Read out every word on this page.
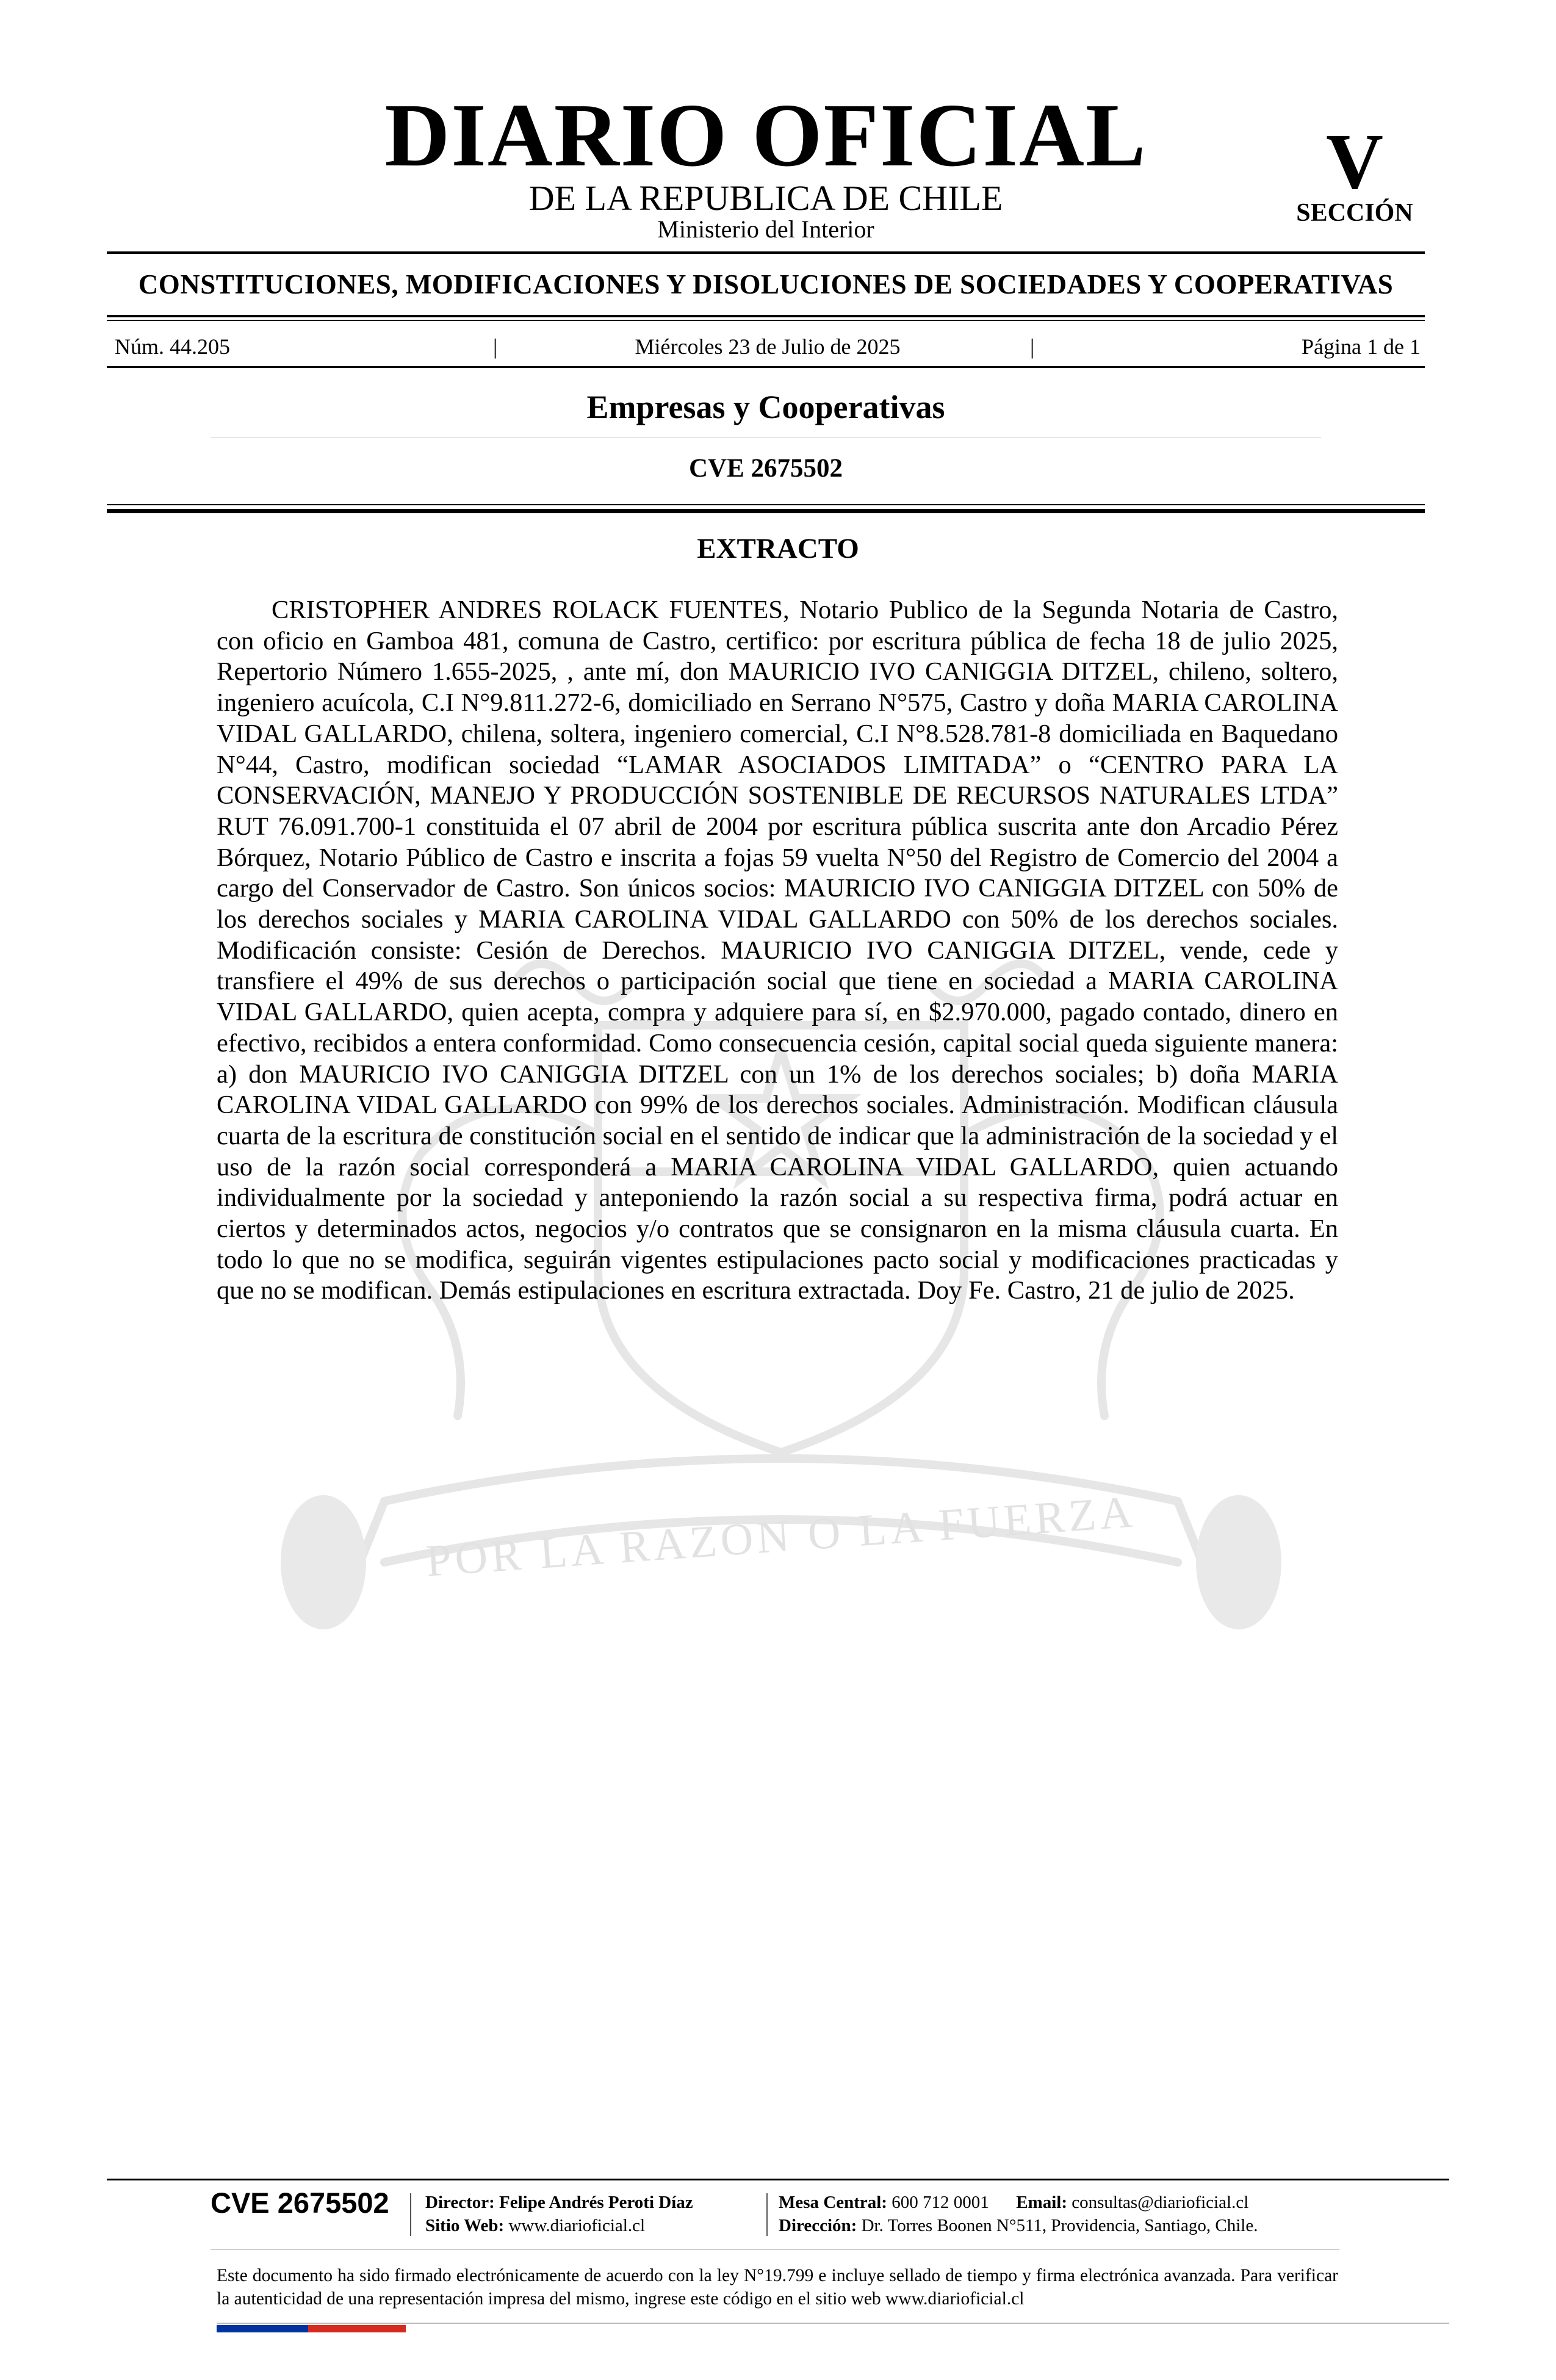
DIARIO OFICIAL
DE LA REPUBLICA DE CHILE
Ministerio del Interior
V
SECCIÓN
CONSTITUCIONES, MODIFICACIONES Y DISOLUCIONES DE SOCIEDADES Y COOPERATIVAS
Núm. 44.205	|	Miércoles 23 de Julio de 2025	|	Página 1 de 1
Empresas y Cooperativas
CVE 2675502
POR LA RAZON O LA FUERZA
EXTRACTO

CRISTOPHER ANDRES ROLACK FUENTES, Notario Publico de la Segunda Notaria de Castro, con oficio en Gamboa 481, comuna de Castro, certifico: por escritura pública de fecha 18 de julio 2025, Repertorio Número 1.655-2025, , ante mí, don MAURICIO IVO CANIGGIA DITZEL, chileno, soltero, ingeniero acuícola, C.I N°9.811.272-6, domiciliado en Serrano N°575, Castro y doña MARIA CAROLINA VIDAL GALLARDO, chilena, soltera, ingeniero comercial, C.I N°8.528.781-8 domiciliada en Baquedano N°44, Castro, modifican sociedad “LAMAR ASOCIADOS LIMITADA” o “CENTRO PARA LA CONSERVACIÓN, MANEJO Y PRODUCCIÓN SOSTENIBLE DE RECURSOS NATURALES LTDA” RUT 76.091.700-1 constituida el 07 abril de 2004 por escritura pública suscrita ante don Arcadio Pérez Bórquez, Notario Público de Castro e inscrita a fojas 59 vuelta N°50 del Registro de Comercio del 2004 a cargo del Conservador de Castro. Son únicos socios: MAURICIO IVO CANIGGIA DITZEL con 50% de los derechos sociales y MARIA CAROLINA VIDAL GALLARDO con 50% de los derechos sociales. Modificación consiste: Cesión de Derechos. MAURICIO IVO CANIGGIA DITZEL, vende, cede y transfiere el 49% de sus derechos o participación social que tiene en sociedad a MARIA CAROLINA VIDAL GALLARDO, quien acepta, compra y adquiere para sí, en $2.970.000, pagado contado, dinero en efectivo, recibidos a entera conformidad. Como consecuencia cesión, capital social queda siguiente manera: a) don MAURICIO IVO CANIGGIA DITZEL con un 1% de los derechos sociales; b) doña MARIA CAROLINA VIDAL GALLARDO con 99% de los derechos sociales. Administración. Modifican cláusula cuarta de la escritura de constitución social en el sentido de indicar que la administración de la sociedad y el uso de la razón social corresponderá a MARIA CAROLINA VIDAL GALLARDO, quien actuando individualmente por la sociedad y anteponiendo la razón social a su respectiva firma, podrá actuar en ciertos y determinados actos, negocios y/o contratos que se consignaron en la misma cláusula cuarta. En todo lo que no se modifica, seguirán vigentes estipulaciones pacto social y modificaciones practicadas y que no se modifican. Demás estipulaciones en escritura extractada. Doy Fe. Castro, 21 de julio de 2025.

CVE 2675502	Director: Felipe Andrés Peroti Díaz
Sitio Web: www.diarioficial.cl
Mesa Central: 600 712 0001 Email: consultas@diarioficial.cl
Dirección: Dr. Torres Boonen N°511, Providencia, Santiago, Chile.

Este documento ha sido firmado electrónicamente de acuerdo con la ley N°19.799 e incluye sellado de tiempo y firma electrónica avanzada. Para verificar la autenticidad de una representación impresa del mismo, ingrese este código en el sitio web www.diarioficial.cl
